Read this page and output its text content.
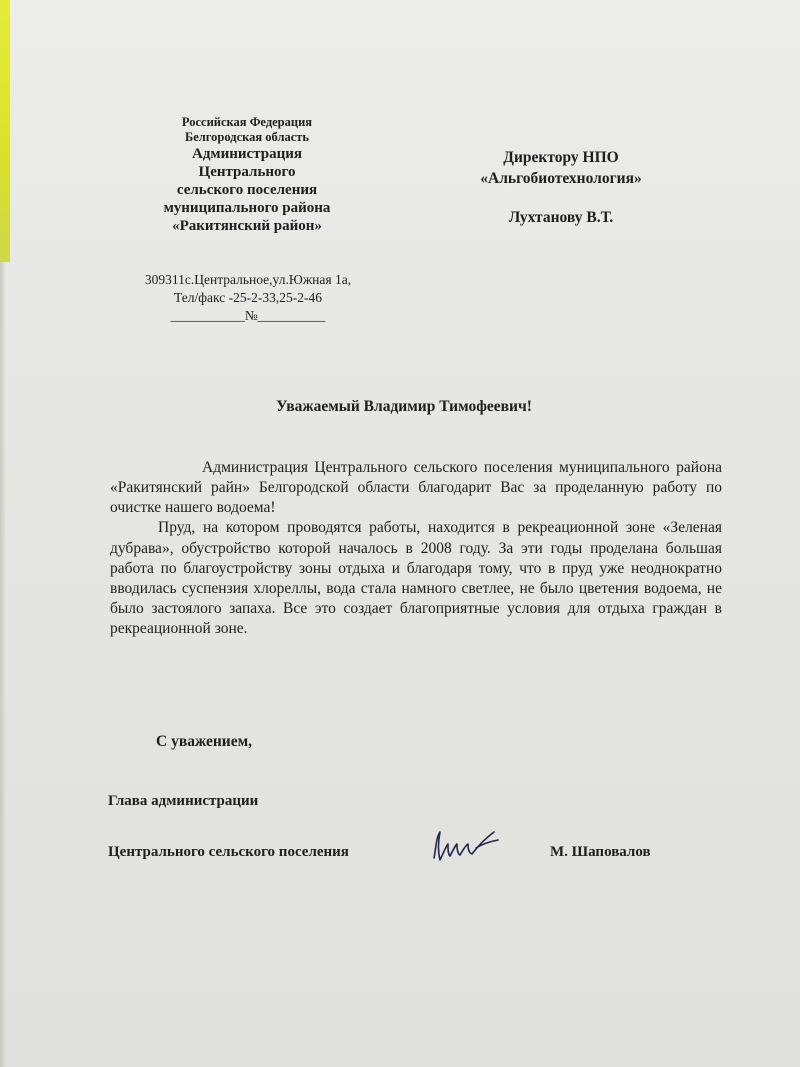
Российская Федерация
Белгородская область
Администрация
Центрального
сельского поселения
муниципального района
«Ракитянский район»
309311с.Центральное,ул.Южная 1а,
Тел/факс -25-2-33,25-2-46
___________№__________
Директору НПО
«Альгобиотехнология»
Лухтанову В.Т.
Уважаемый Владимир Тимофеевич!

Администрация Центрального сельского поселения муниципального района «Ракитянский райн» Белгородской области благодарит Вас за проделанную работу по очистке нашего водоема!

Пруд, на котором проводятся работы, находится в рекреационной зоне «Зеленая дубрава», обустройство которой началось в 2008 году. За эти годы проделана большая работа по благоустройству зоны отдыха и благодаря тому, что в пруд уже неоднократно вводилась суспензия хлореллы, вода стала намного светлее, не было цветения водоема, не было застоялого запаха. Все это создает благоприятные условия для отдыха граждан в рекреационной зоне.

С уважением,
Глава администрации
Центрального сельского поселения	М. Шаповалов
